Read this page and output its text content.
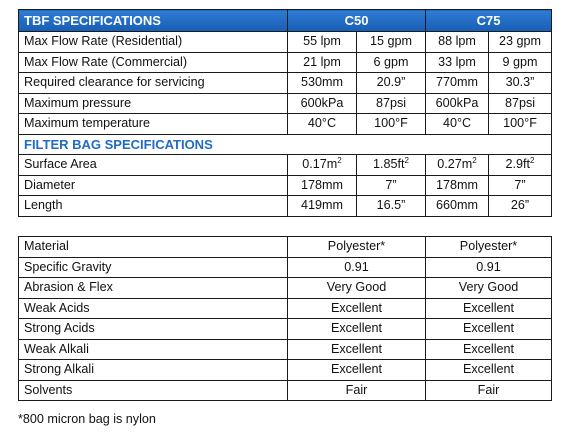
TBF SPECIFICATIONS	C50		C75	
Max Flow Rate (Residential)	55 lpm	15 gpm	88 lpm	23 gpm
Max Flow Rate (Commercial)	21 lpm	6 gpm	33 lpm	9 gpm
Required clearance for servicing	530mm	20.9”	770mm	30.3”
Maximum pressure	600kPa	87psi	600kPa	87psi
Maximum temperature	40°C	100°F	40°C	100°F
FILTER BAG SPECIFICATIONS				
Surface Area	$0.17m^2$	$1.85ft^2$	$0.27m^2$	$2.9ft^2$
Diameter	178mm	7”	178mm	7”
Length	419mm	16.5”	660mm	26”
Material	Polyester*	Polyester*
Specific Gravity	0.91	0.91
Abrasion & Flex	Very Good	Very Good
Weak Acids	Excellent	Excellent
Strong Acids	Excellent	Excellent
Weak Alkali	Excellent	Excellent
Strong Alkali	Excellent	Excellent
Solvents	Fair	Fair
*800 micron bag is nylon
